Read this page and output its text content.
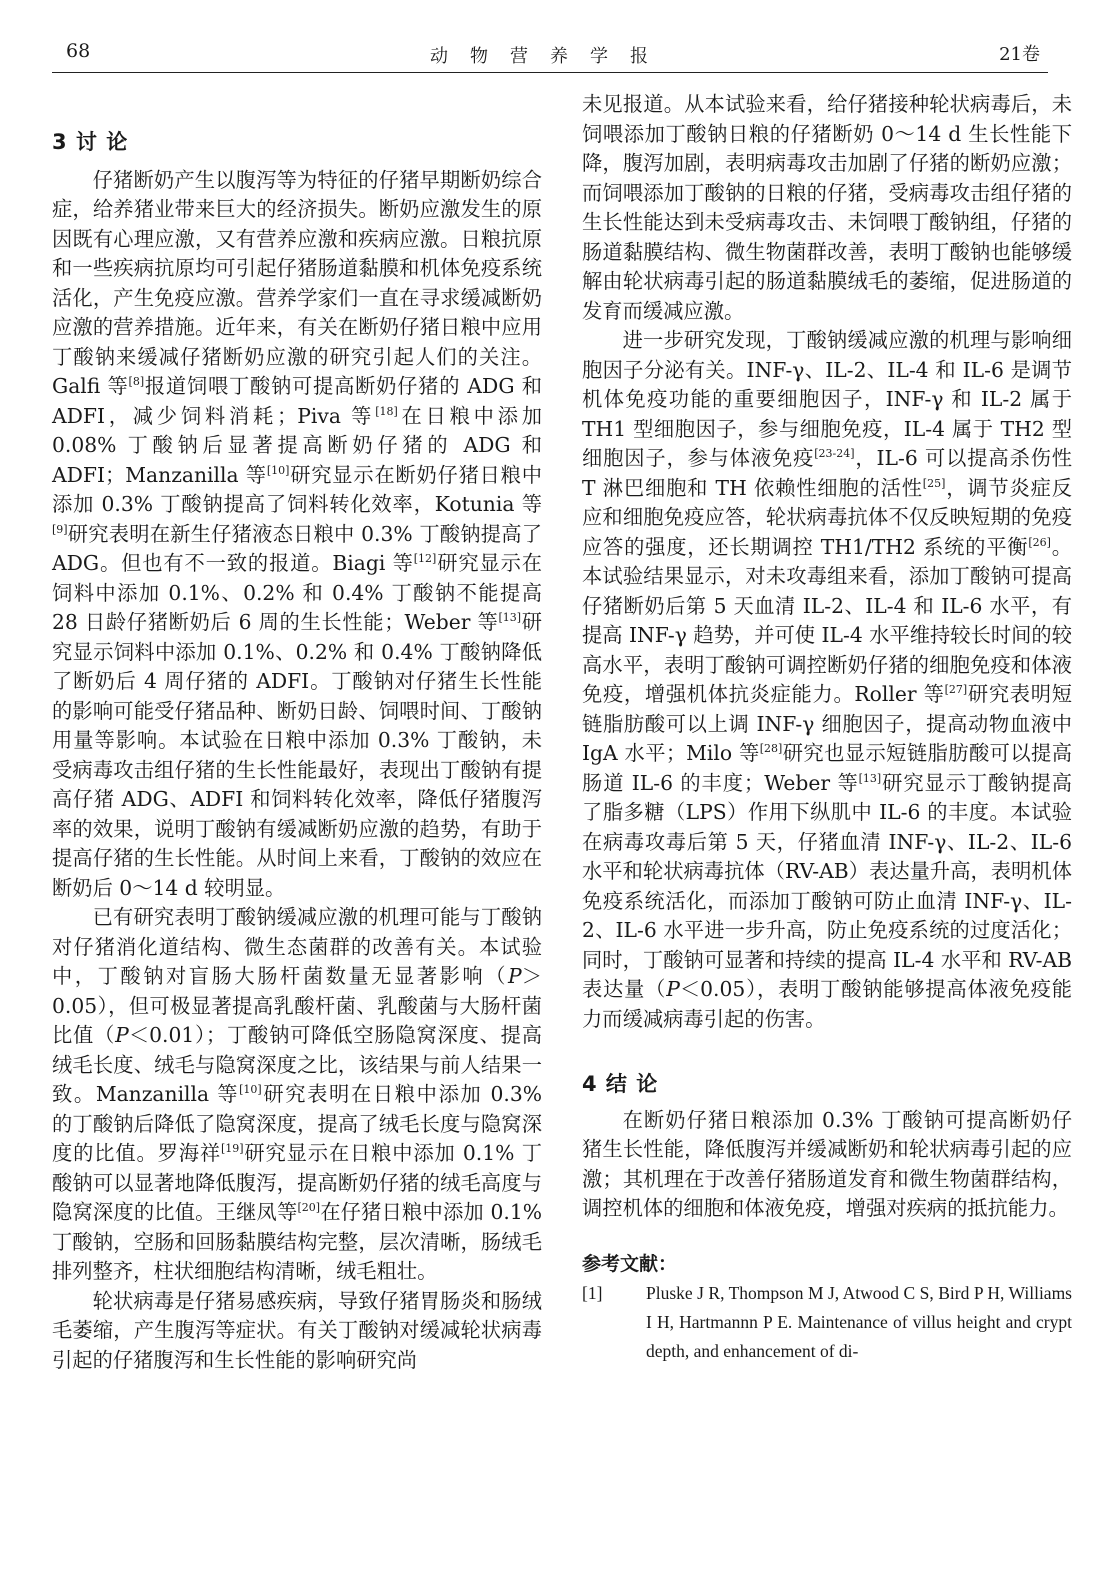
68	动物营养学报	21卷
3 讨 论

仔猪断奶产生以腹泻等为特征的仔猪早期断奶综合症，给养猪业带来巨大的经济损失。断奶应激发生的原因既有心理应激，又有营养应激和疾病应激。日粮抗原和一些疾病抗原均可引起仔猪肠道黏膜和机体免疫系统活化，产生免疫应激。营养学家们一直在寻求缓减断奶应激的营养措施。近年来，有关在断奶仔猪日粮中应用丁酸钠来缓减仔猪断奶应激的研究引起人们的关注。Galfi 等[8]报道饲喂丁酸钠可提高断奶仔猪的 ADG 和 ADFI，减少饲料消耗；Piva 等[18]在日粮中添加 0.08% 丁酸钠后显著提高断奶仔猪的 ADG 和 ADFI；Manzanilla 等[10]研究显示在断奶仔猪日粮中添加 0.3% 丁酸钠提高了饲料转化效率，Kotunia 等[9]研究表明在新生仔猪液态日粮中 0.3% 丁酸钠提高了 ADG。但也有不一致的报道。Biagi 等[12]研究显示在饲料中添加 0.1%、0.2% 和 0.4% 丁酸钠不能提高 28 日龄仔猪断奶后 6 周的生长性能；Weber 等[13]研究显示饲料中添加 0.1%、0.2% 和 0.4% 丁酸钠降低了断奶后 4 周仔猪的 ADFI。丁酸钠对仔猪生长性能的影响可能受仔猪品种、断奶日龄、饲喂时间、丁酸钠用量等影响。本试验在日粮中添加 0.3% 丁酸钠，未受病毒攻击组仔猪的生长性能最好，表现出丁酸钠有提高仔猪 ADG、ADFI 和饲料转化效率，降低仔猪腹泻率的效果，说明丁酸钠有缓减断奶应激的趋势，有助于提高仔猪的生长性能。从时间上来看，丁酸钠的效应在断奶后 0～14 d 较明显。

已有研究表明丁酸钠缓减应激的机理可能与丁酸钠对仔猪消化道结构、微生态菌群的改善有关。本试验中，丁酸钠对盲肠大肠杆菌数量无显著影响（P＞0.05），但可极显著提高乳酸杆菌、乳酸菌与大肠杆菌比值（P＜0.01）；丁酸钠可降低空肠隐窝深度、提高绒毛长度、绒毛与隐窝深度之比，该结果与前人结果一致。Manzanilla 等[10]研究表明在日粮中添加 0.3% 的丁酸钠后降低了隐窝深度，提高了绒毛长度与隐窝深度的比值。罗海祥[19]研究显示在日粮中添加 0.1% 丁酸钠可以显著地降低腹泻，提高断奶仔猪的绒毛高度与隐窝深度的比值。王继凤等[20]在仔猪日粮中添加 0.1% 丁酸钠，空肠和回肠黏膜结构完整，层次清晰，肠绒毛排列整齐，柱状细胞结构清晰，绒毛粗壮。

轮状病毒是仔猪易感疾病，导致仔猪胃肠炎和肠绒毛萎缩，产生腹泻等症状。有关丁酸钠对缓减轮状病毒引起的仔猪腹泻和生长性能的影响研究尚

未见报道。从本试验来看，给仔猪接种轮状病毒后，未饲喂添加丁酸钠日粮的仔猪断奶 0～14 d 生长性能下降，腹泻加剧，表明病毒攻击加剧了仔猪的断奶应激；而饲喂添加丁酸钠的日粮的仔猪，受病毒攻击组仔猪的生长性能达到未受病毒攻击、未饲喂丁酸钠组，仔猪的肠道黏膜结构、微生物菌群改善，表明丁酸钠也能够缓解由轮状病毒引起的肠道黏膜绒毛的萎缩，促进肠道的发育而缓减应激。

进一步研究发现，丁酸钠缓减应激的机理与影响细胞因子分泌有关。INF-γ、IL-2、IL-4 和 IL-6 是调节机体免疫功能的重要细胞因子，INF-γ 和 IL-2 属于 TH1 型细胞因子，参与细胞免疫，IL-4 属于 TH2 型细胞因子，参与体液免疫[23-24]，IL-6 可以提高杀伤性 T 淋巴细胞和 TH 依赖性细胞的活性[25]，调节炎症反应和细胞免疫应答，轮状病毒抗体不仅反映短期的免疫应答的强度，还长期调控 TH1/TH2 系统的平衡[26]。本试验结果显示，对未攻毒组来看，添加丁酸钠可提高仔猪断奶后第 5 天血清 IL-2、IL-4 和 IL-6 水平，有提高 INF-γ 趋势，并可使 IL-4 水平维持较长时间的较高水平，表明丁酸钠可调控断奶仔猪的细胞免疫和体液免疫，增强机体抗炎症能力。Roller 等[27]研究表明短链脂肪酸可以上调 INF-γ 细胞因子，提高动物血液中 IgA 水平；Milo 等[28]研究也显示短链脂肪酸可以提高肠道 IL-6 的丰度；Weber 等[13]研究显示丁酸钠提高了脂多糖（LPS）作用下纵肌中 IL-6 的丰度。本试验在病毒攻毒后第 5 天，仔猪血清 INF-γ、IL-2、IL-6 水平和轮状病毒抗体（RV-AB）表达量升高，表明机体免疫系统活化，而添加丁酸钠可防止血清 INF-γ、IL-2、IL-6 水平进一步升高，防止免疫系统的过度活化；同时，丁酸钠可显著和持续的提高 IL-4 水平和 RV-AB 表达量（P＜0.05），表明丁酸钠能够提高体液免疫能力而缓减病毒引起的伤害。

4 结 论

在断奶仔猪日粮添加 0.3% 丁酸钠可提高断奶仔猪生长性能，降低腹泻并缓减断奶和轮状病毒引起的应激；其机理在于改善仔猪肠道发育和微生物菌群结构，调控机体的细胞和体液免疫，增强对疾病的抵抗能力。

参考文献：
[1] Pluske J R, Thompson M J, Atwood C S, Bird P H, Williams I H, Hartmannn P E. Maintenance of villus height and crypt depth, and enhancement of di-
